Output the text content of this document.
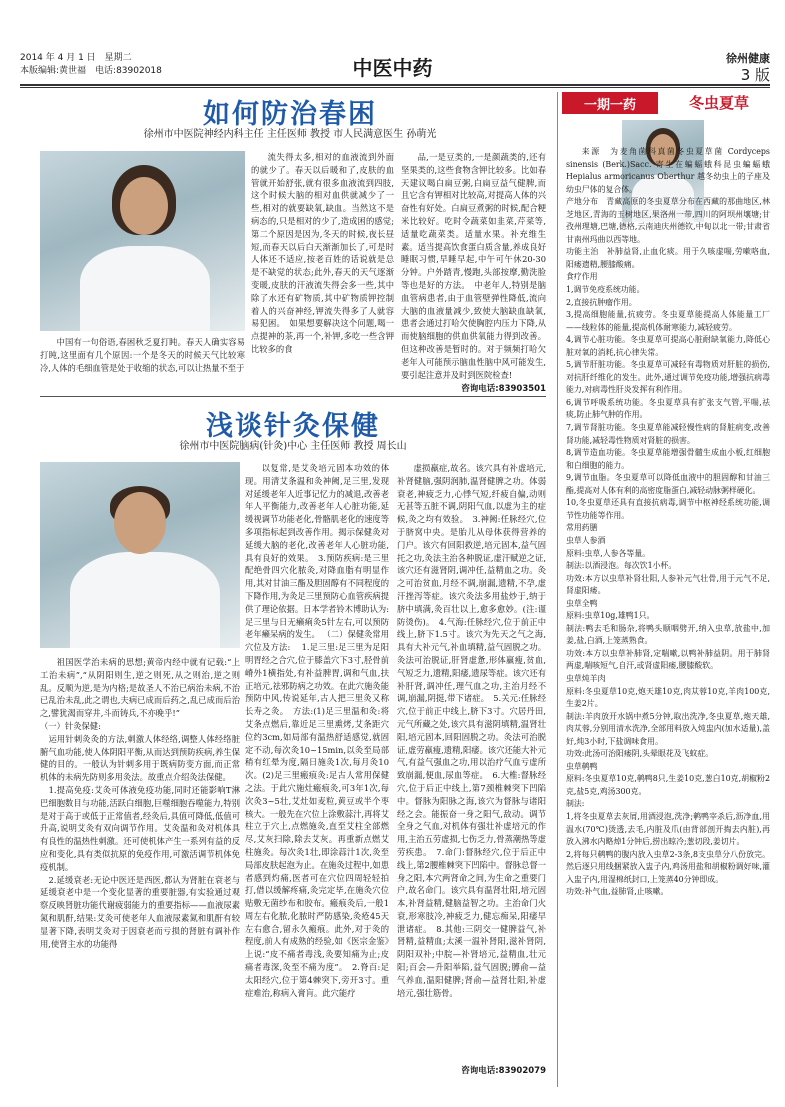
2014 年 4 月 1 日　星期二
本版编辑:黄世福　电话:83902018	中医中药	徐州健康
3 版
如何防治春困
徐州市中医院神经内科主任 主任医师 教授 市人民满意医生 孙萌光

中国有一句俗语,春困秋乏夏打盹。春天人确实容易打盹,这里面有几个原因:一个是冬天的时候天气比较寒冷,人体的毛细血管是处于收缩的状态,可以让热量不至于

流失得太多,相对的血液流到外面的就少了。春天以后暖和了,皮肤的血管就开始舒张,就有很多血液流到四肢,这个时候大脑的相对血供就减少了一些,相对的就要缺氧,缺血。当然这不是病态的,只是相对的少了,造成困的感觉;第二个原因是因为,冬天的时候,夜长昼短,而春天以后白天渐渐加长了,可是时人体还不适应,按老百姓的话说就是总是不缺觉的状态;此外,春天的天气逐渐变暖,皮肤的汗液流失得会多一些,其中除了水还有矿物质,其中矿物质钾控制着人的兴奋神经,钾流失得多了人就容易犯困。　如果想要解决这个问题,喝一点提神的茶,再一个,补钾,多吃一些含钾比较多的食

品,一是豆类的,一是颜蔬类的,还有坚果类的,这些食物含钾比较多。比如春天建议喝白扁豆粥,白扁豆益气健脾,而且它含有钾相对比较高,对提高人体的兴奋性有好处。白扁豆煮粥的时候,配合粳米比较好。吃时令蔬菜如韭菜,芹菜等,适量吃蔬菜类。适量水果。补充维生素。适当提高饮食蛋白质含量,养成良好睡眠习惯,早睡早起,中午可午休20-30分钟。户外踏青,慢跑,头部按摩,勤洗脸等也是好的方法。　中老年人,特别是脑血管病患者,由于血管壁弹性降低,流向大脑的血液量减少,致使大脑缺血缺氧,患者会通过打哈欠使胸腔内压力下降,从而使脑细胞的供血供氧能力得到改善。但这种改善是暂时的。对于频频打哈欠老年人可能预示脑血性脑中风可能发生,要引起注意并及时到医院检查!

咨询电话:83903501
浅谈针灸保健
徐州市中医院脑病(针灸)中心 主任医师 教授 周长山

祖国医学治未病的思想;黄帝内经中就有记载:“上工治未病”,“从阴阳则生,逆之则死,从之则治,逆之则乱。反顺为逆,是为内格;是故圣人不治已病治未病,不治已乱治未乱,此之谓也,夫病已成而后药之,乱已成而后治之,譬犹渴而穿井,斗而铸兵,不亦晚乎!”
（一）针灸保健:
　运用针刺灸灸的方法,刺激人体经络,调整人体经络脏腑气血功能,使人体阴阳平衡,从而达到预防疾病,养生保健的目的。一般认为针刺多用于既病防变方面,而正常机体的未病先防则多用灸法。故重点介绍灸法保健。
　1.提高免疫:艾灸可体液免疫功能,同时还能影响T淋巴细胞数目与功能,活跃白细胞,巨噬细胞吞噬能力,特别是对于高于或低于正常值者,经灸后,具值可降低,低值可升高,说明艾灸有双向调节作用。艾灸温和灸对机体具有良性的温热性刺激。还可使机体产生一系列有益的反应和变化,具有类似抗原的免疫作用,可激活调节机体免疫机制。
　2.延缓衰老:无论中医还是西医,都认为肾脏在衰老与延缓衰老中是一个变化显著的重要脏器,有实验通过观察反映肾脏功能代谢疲弱能力的重要指标——血液尿素氮和肌酐,结果:艾灸可使老年人血液尿素氮和肌酐有较显著下降,表明艾灸对于因衰老而亏损的肾脏有调补作用,使肾主水的功能得

以复常,是艾灸培元固本功效的体现。用清艾条温和灸神阙,足三里,发现对延缓老年人近事记忆力的减退,改善老年人平衡能力,改善老年人心脏功能,延缓视调节功能老化,骨骼肌老化的速度等多项指标起到改善作用。揭示保健灸对延缓大脑的老化,改善老年人心脏功能,具有良好的效果。　3.预防疾病:是三里配绝骨四穴化脓灸,对降血脂有明显作用,其对甘油三酯及胆固醇有不同程度的下降作用,为灸足三里预防心血管疾病提供了理论依据。日本学者铃木博助认为:足三里与日无癞痢灸5针左右,可以预防老年癞呆病的发生。 （二）保健灸常用穴位及方法: 　1.足三里:足三里为足阳明胃经之合穴,位于膝盖穴下3寸,胫骨前嵴外1横指处,有补益脾胃,调和气血,扶正培元,祛邪防病之功效。在此穴施灸能预防中风,传说延年,古人把三里灸又称长寿之灸。　方法:(1)足三里温和灸:将艾条点燃后,靠近足三里熏烤,艾条距穴位约3cm,如局部有温热舒适感觉,就固定不动,每次灸10~15min,以灸至局部稍有红晕为度,隔日施灸1次,每月灸10次。(2)足三里瘢痕灸:足古人常用保健之法。于此穴施灶瘢痕灸,可3年1次,每次灸3~5壮,艾灶如麦粒,黄豆或半个枣核大。一般先在穴位上涂敷蒜汁,再将艾柱立于穴上,点燃施灸,直至艾柱全部燃尽,艾灰扫除,除去艾灰。再重新点燃艾柱施灸。每次灸1壮,即涂蒜汁1次,灸至局部皮肤起泡为止。在施灸过程中,如患者感到灼痛,医者可在穴位四周轻轻拍打,借以缓解疼痛,灸完定毕,在施灸穴位贴敷无菌纱布和胶布。瘢痕灸后,一般1周左右化脓,化脓时严防感染,灸疮45天左右愈合,留永久瘢痕。此外,对于灸的程度,前人有成熟的经验,如《医宗金鉴》上说:“皮不痛者毒浅,灸要知痛为止;皮痛者毒深,灸至不痛为度”。　2.脊百:足太阳经穴,位于第4棘突下,旁开3寸。重症难治,称病入膏肓。此穴能疗

虚损羸症,故名。该穴具有补虚培元,补肾健脑,强阴润肺,温肾健脾之功。体弱衰老,神疲乏力,心悸气短,纤疲自偏,动则无甚等五脏不调,阴阳气血,以虚为主的症候,灸之均有效验。　3.神阙:任脉经穴,位于脐窝中央。是胎儿从母体获得营养的门户。该穴有回阳救逆,培元固本,益气固托之功,灸法主治各种脱证,虚汗赋逆之证,该穴还有滋肾阴,调冲任,益精血之功。灸之可治贫血,月经不调,崩漏,遗精,不孕,虚汗挫泻等症。该穴灸法多用盐炒于,纳于脐中填满,灸百壮以上,愈多愈妙。(注:谨防烫伤)。　4.气海:任脉经穴,位于前正中线上,脐下1.5寸。该穴为先天之气之海,具有大补元气,补血填精,益气固脱之功。灸法可治脱证,肝肾虚惫,形体羸瘦,贫血,气短乏力,遗精,阳痿,遗尿等症。该穴还有补肝肾,调冲任,理气血之功,主治月经不调,崩漏,阴挺,带下诸症。　5.关元:任脉经穴,位于前正中线上,脐下3寸。穴居丹田,元气所藏之处,该穴具有滋阴填精,温肾壮阳,培元固本,回阳固脱之功。灸法可治脱证,虚劳羸瘦,遗精,阳痿。该穴还能大补元气,有益气强血之功,用以治疗气血亏虚所致崩漏,便血,尿血等症。　6.大椎:督脉经穴,位于后正中线上,第7颈椎棘突下凹陷中。督脉为阳脉之海,该穴为督脉与诸阳经之会。能振奋一身之阳气,敌动。调节全身之气血,对机体有强壮补虚培元的作用,主治五劳虚损,七伤乏力,骨蒸潮热等虚劳疾患。　7.命门:督脉经穴,位于后正中线上,第2腰椎棘突下凹陷中。督脉总督一身之阳,本穴两肾命之间,为生命之重要门户,故名命门。该穴具有温肾壮阳,培元固本,补肾益精,健脑益智之功。主治命门火衰,形寒肢冷,神疲乏力,健忘痴呆,阳痿早泄诸症。　8.其他:三阴交一健脾益气,补肾精,益精血;太溪一温补肾阳,滋补肾阴,阴阳双补;中脘—补肾培元,益精血,壮元阳;百会—升阳举陷,益气固脱;膊俞—益气养血,温阳健脾;肾俞—益肾壮阳,补虚培元,强壮筋骨。

咨询电话:83902079
一期一药	冬虫夏草

来源　为麦角菌科真菌冬虫夏草菌 Cordyceps sinensis (Berk.)Sacc. 寄生在蝙蝠蛾科昆虫蝙蝠蛾 Hepialus armoricanus Oberthur 越冬幼虫上的子座及幼虫尸体的复合体。
产地分布　青藏高原的冬虫夏草分布在西藏的那曲地区,林芝地区,青海的玉树地区,果洛州一带,四川的阿坝州壤塘;甘孜州理塘,巴塘,德格,云南迪庆州德钦,中甸以北一带;甘肃省甘南州玛曲以西等地。
功能主治　补肺益肾,止血化痰。用于久咳虚喘,劳嗽咯血,阳痿遗精,腰膝酸痛。
食疗作用
1,调节免疫系统功能。
2,直接抗肿瘤作用。
3,提高细胞能量,抗疲劳。冬虫夏草能提高人体能量工厂——线粒体的能量,提高机体耐寒能力,减轻疲劳。
4,调节心脏功能。冬虫夏草可提高心脏耐缺氧能力,降低心脏对氧的消耗,抗心律失常。
5,调节肝脏功能。冬虫夏草可减轻有毒物质对肝脏的损伤,对抗肝纤维化的发生。此外,通过调节免疫功能,增强抗病毒能力,对病毒性肝炎发挥有利作用。
6,调节呼吸系统功能。冬虫夏草具有扩张支气管,平喘,祛痰,防止肺气肿的作用。
7,调节肾脏功能。冬虫夏草能减轻慢性病的肾脏病变,改善肾功能,减轻毒性物质对肾脏的损害。
8,调节造血功能。冬虫夏草能增强骨髓生成血小板,红细胞和白细胞的能力。
9,调节血脂。冬虫夏草可以降低血液中的胆固醇和甘油三酯,提高对人体有利的高密度脂蛋白,减轻动脉粥样硬化。
10,冬虫夏草还具有直接抗病毒,调节中枢神经系统功能,调节性功能等作用。
常用药膳
虫草人参酒
原料:虫草,人参各等量。
制法:以酒浸泡。每次饮1小杯。
功效:本方以虫草补肾壮阳,人参补元气壮骨,用于元气不足,肾虚阳痿。
虫草全鸭
原料:虫草10g,雄鸭1只。
制法:鸭去毛和肠杂,将鸭头顺咽劈开,纳入虫草,放盐中,加姜,盐,白酒,上笼蒸熟食。
功效:本方以虫草补肺肾,定喘嗽,以鸭补肺益阴。用于肺肾两虚,喘咳短气,自汗,或肾虚阳痿,腰膝酸软。
虫草炖羊肉
原料:冬虫夏草10克,炮天雄10克,肉苁蓉10克,羊肉100克,生姜2片。
制法:羊肉放开水锅中煮5分钟,取出洗净,冬虫夏草,炮天雄,肉苁蓉,分别用清水洗净,全部用料放入炖盅内(加水适量),盖好,炖3小时,下盐调味食用。
功效:此汤可治阳痿阴,头晕眼花及飞蚊症。
虫草鹌鸭
原料:冬虫夏草10克,鹌鸭8只,生姜10克,葱白10克,胡椒粉2克,盐5克,鸡汤300克。
制法:
1,将冬虫夏草去灰屑,用酒浸泡,洗净;鹌鸭宰杀后,沥净血,用温水(70℃)烫透,去毛,内脏及爪(由背部剖开掏去内脏),再放入沸水内略焯1分钟后,捞出晾冷;葱切段,姜切片。
2,将每只鹌鸭的腹内放入虫草2-3条,8支虫草分八份放完。然后逐只用线捆紧放入盅子内,鸡汤用盐和胡椒粉调好味,灌入盅子内,用湿棉纸封口,上笼蒸40分钟即成。
功效:补气血,益肺肾,止咳嗽。
